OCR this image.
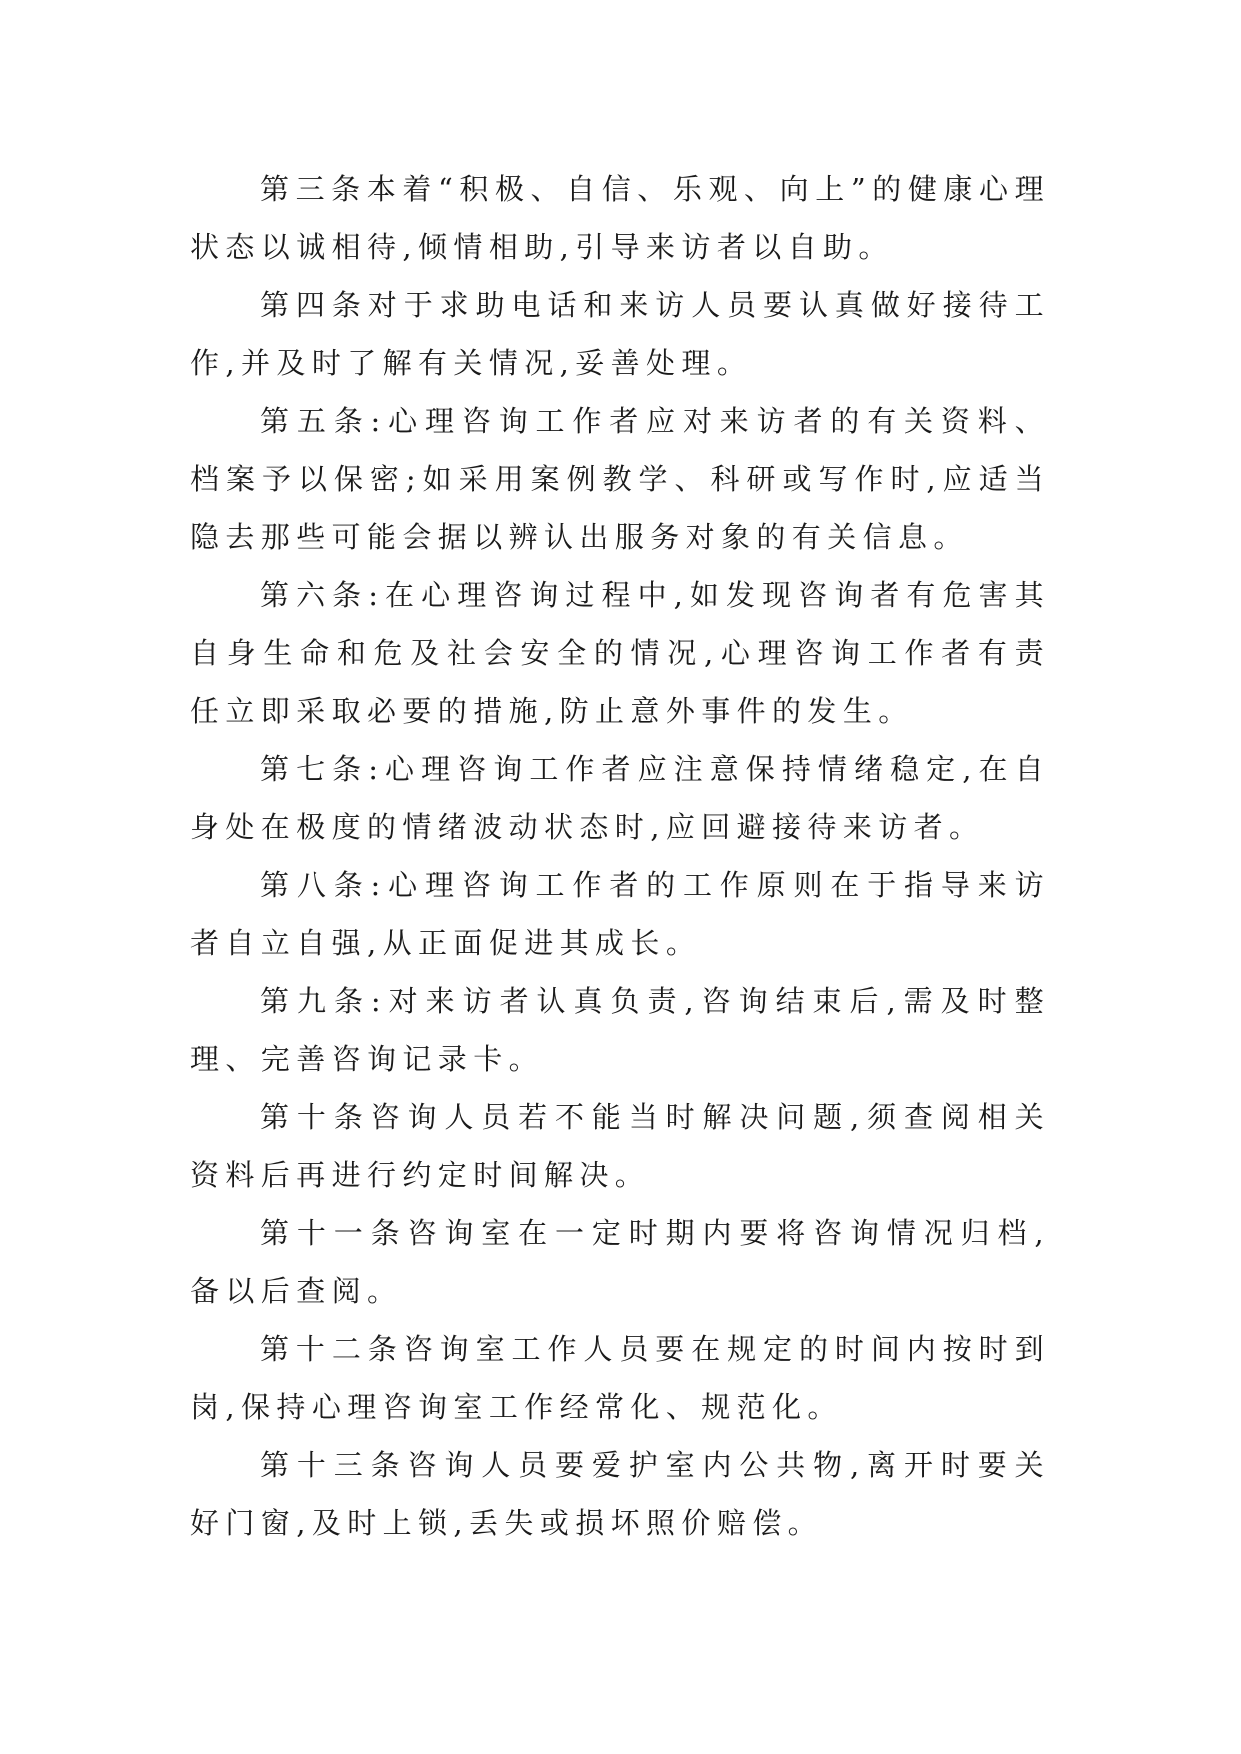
第三条本着“积极、自信、乐观、向上”的健康心理状态以诚相待,倾情相助,引导来访者以自助。

第四条对于求助电话和来访人员要认真做好接待工作,并及时了解有关情况,妥善处理。

第五条:心理咨询工作者应对来访者的有关资料、档案予以保密;如采用案例教学、科研或写作时,应适当隐去那些可能会据以辨认出服务对象的有关信息。

第六条:在心理咨询过程中,如发现咨询者有危害其自身生命和危及社会安全的情况,心理咨询工作者有责任立即采取必要的措施,防止意外事件的发生。

第七条:心理咨询工作者应注意保持情绪稳定,在自身处在极度的情绪波动状态时,应回避接待来访者。

第八条:心理咨询工作者的工作原则在于指导来访者自立自强,从正面促进其成长。

第九条:对来访者认真负责,咨询结束后,需及时整理、完善咨询记录卡。

第十条咨询人员若不能当时解决问题,须查阅相关资料后再进行约定时间解决。

第十一条咨询室在一定时期内要将咨询情况归档,备以后查阅。

第十二条咨询室工作人员要在规定的时间内按时到岗,保持心理咨询室工作经常化、规范化。

第十三条咨询人员要爱护室内公共物,离开时要关好门窗,及时上锁,丢失或损坏照价赔偿。
